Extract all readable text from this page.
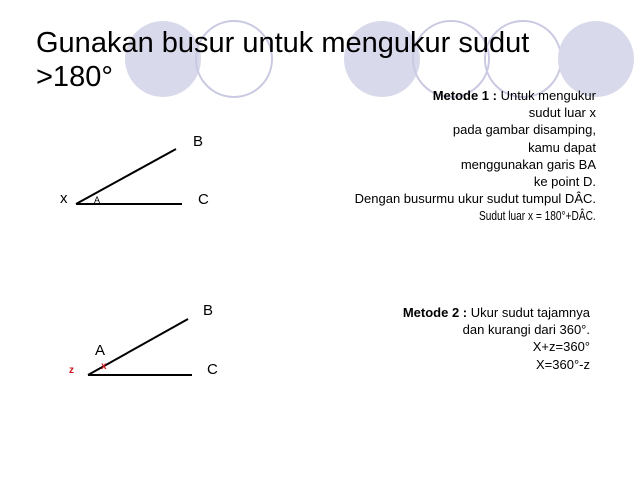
Gunakan busur untuk mengukur sudut >180°
Metode 1 : Untuk mengukur
sudut luar x
pada gambar disamping,
kamu dapat
menggunakan garis BA
ke point D.
Dengan busurmu ukur sudut tumpul DÂC.
Sudut luar x = 180°+DÂC.
Metode 2 : Ukur sudut tajamnya
dan kurangi dari 360°.
X+z=360°
X=360°-z
B
C
x	A
B
C
A
z	x
